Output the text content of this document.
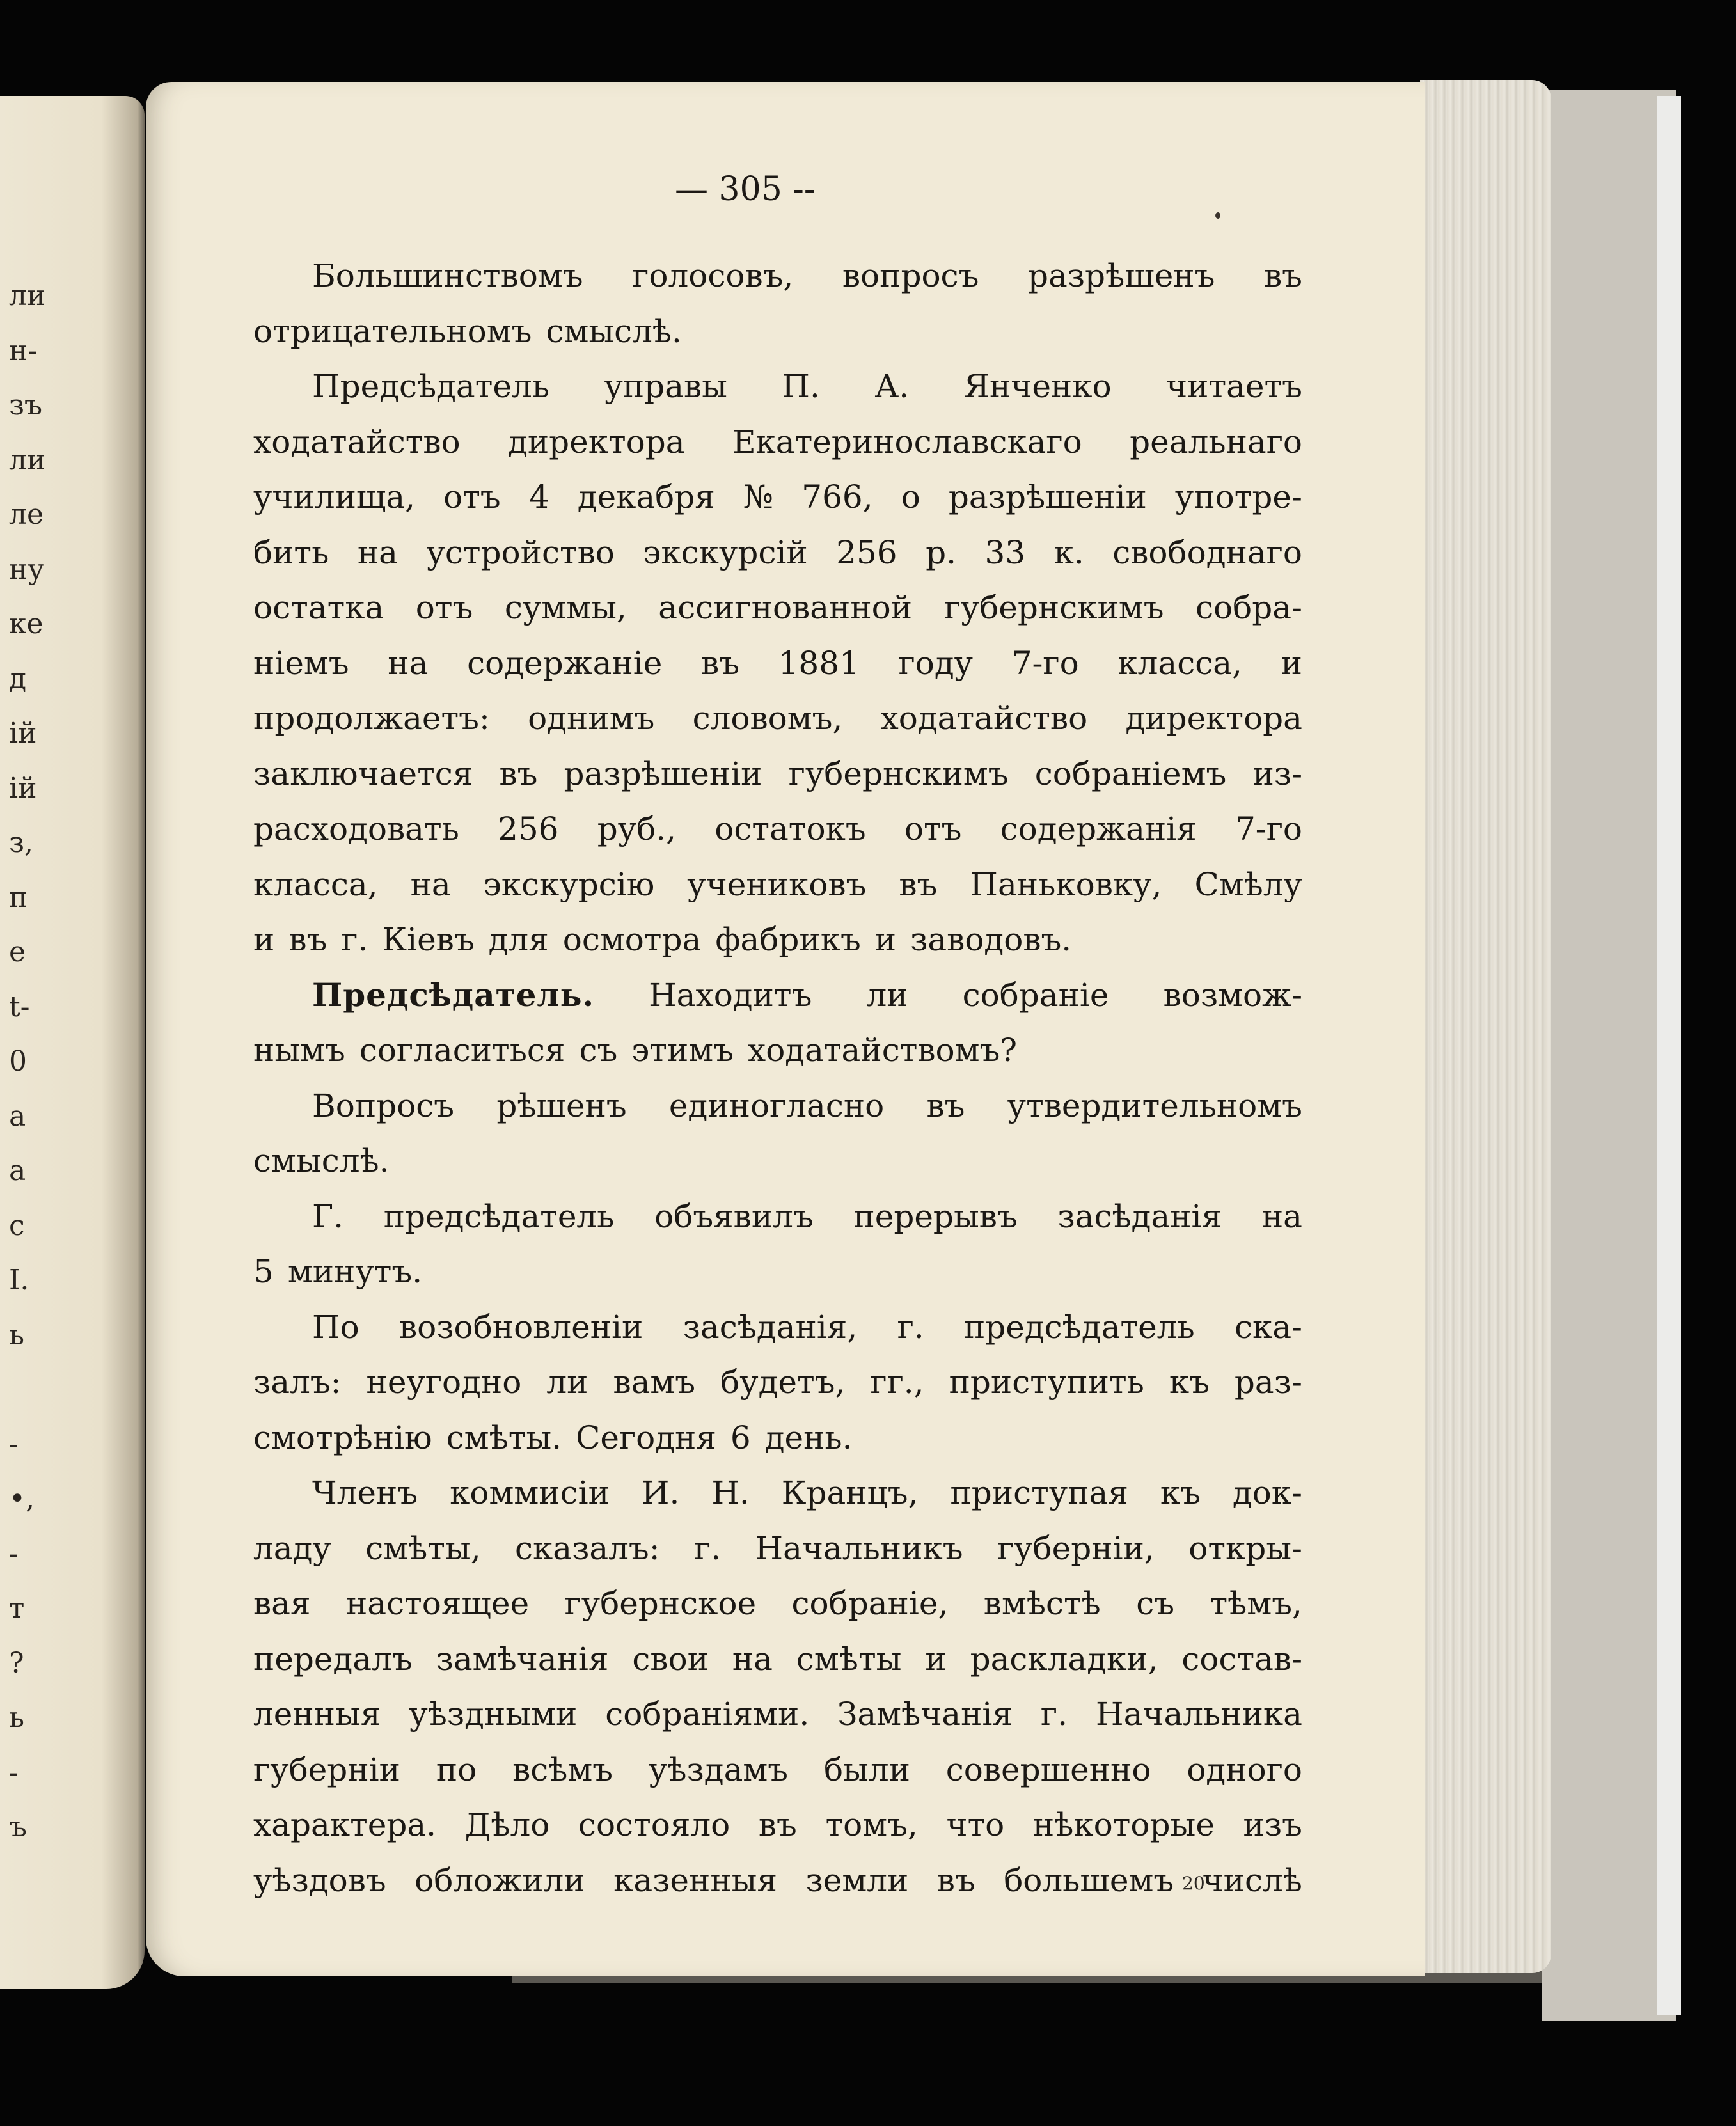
ли
н-
зъ
ли
ле
ну
ке
д
ій
ій
з,
п
е
t-
0
а
а
с
I.
ь
-
•,
-
т
?
ь
-
ъ
— 305 --
Большинствомъ голосовъ, вопросъ разрѣшенъ въ
отрицательномъ смыслѣ.
Предсѣдатель управы П. А. Янченко читаетъ
ходатайство директора Екатеринославскаго реальнаго
училища, отъ 4 декабря № 766, о разрѣшеніи употре-
бить на устройство экскурсій 256 р. 33 к. свободнаго
остатка отъ суммы, ассигнованной губернскимъ собра-
ніемъ на содержаніе въ 1881 году 7-го класса, и
продолжаетъ: однимъ словомъ, ходатайство директора
заключается въ разрѣшеніи губернскимъ собраніемъ из-
расходовать 256 руб., остатокъ отъ содержанія 7-го
класса, на экскурсію учениковъ въ Паньковку, Смѣлу
и въ г. Кіевъ для осмотра фабрикъ и заводовъ.
Предсѣдатель. Находитъ ли собраніе возмож-
нымъ согласиться съ этимъ ходатайствомъ?
Вопросъ рѣшенъ единогласно въ утвердительномъ
смыслѣ.
Г. предсѣдатель объявилъ перерывъ засѣданія на
5 минутъ.
По возобновленіи засѣданія, г. предсѣдатель ска-
залъ: неугодно ли вамъ будетъ, гг., приступить къ раз-
смотрѣнію смѣты. Сегодня 6 день.
Членъ коммисіи И. Н. Кранцъ, приступая къ док-
ладу смѣты, сказалъ: г. Начальникъ губерніи, откры-
вая настоящее губернское собраніе, вмѣстѣ съ тѣмъ,
передалъ замѣчанія свои на смѣты и раскладки, состав-
ленныя уѣздными собраніями. Замѣчанія г. Начальника
губерніи по всѣмъ уѣздамъ были совершенно одного
характера. Дѣло состояло въ томъ, что нѣкоторые изъ
уѣздовъ обложили казенныя земли въ большемъ числѣ
20
